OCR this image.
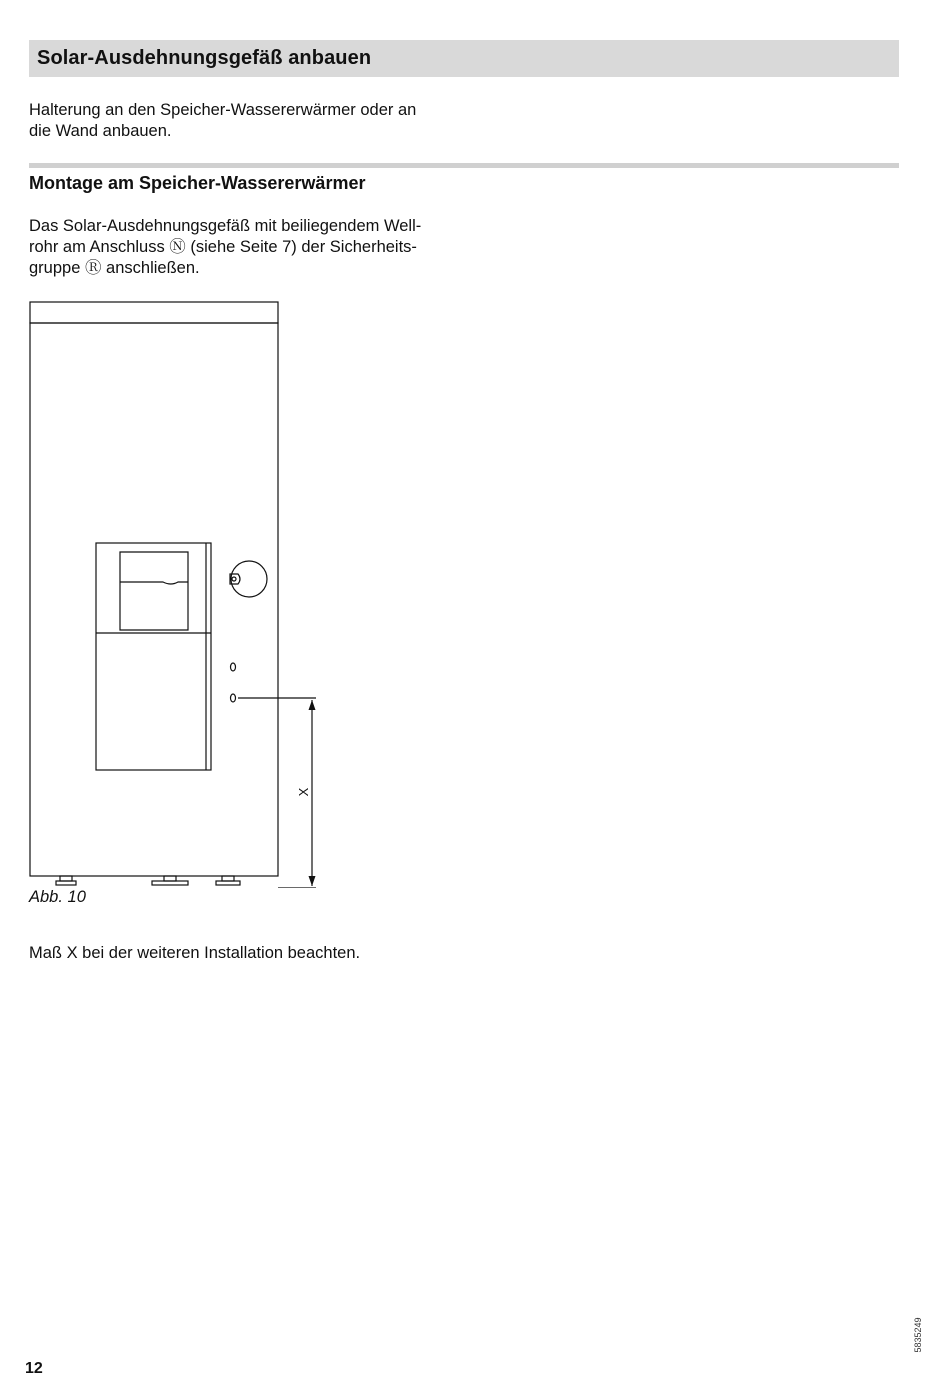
Solar-Ausdehnungsgefäß anbauen

Halterung an den Speicher-Wassererwärmer oder an
die Wand anbauen.

Montage am Speicher-Wassererwärmer

Das Solar-Ausdehnungsgefäß mit beiliegendem Well-
rohr am Anschluss Ⓝ (siehe Seite 7) der Sicherheits-
gruppe Ⓡ anschließen.

X

Abb. 10

Maß X bei der weiteren Installation beachten.

5835249
12
